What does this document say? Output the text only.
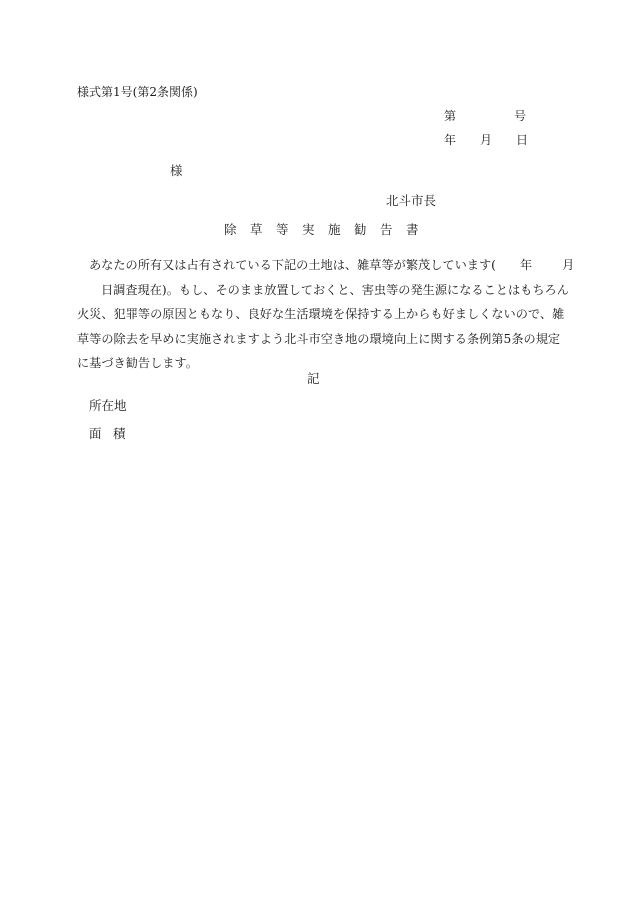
様式第1号(第2条関係)
第	号
年 月 日
様
北斗市長
除草等実施勧告書
あなたの所有又は占有されている下記の土地は、雑草等が繁茂しています( 年 月
日調査現在)。もし、そのまま放置しておくと、害虫等の発生源になることはもちろん
火災、犯罪等の原因ともなり、良好な生活環境を保持する上からも好ましくないので、雑
草等の除去を早めに実施されますよう北斗市空き地の環境向上に関する条例第5条の規定
に基づき勧告します。
記
所在地
面 積
